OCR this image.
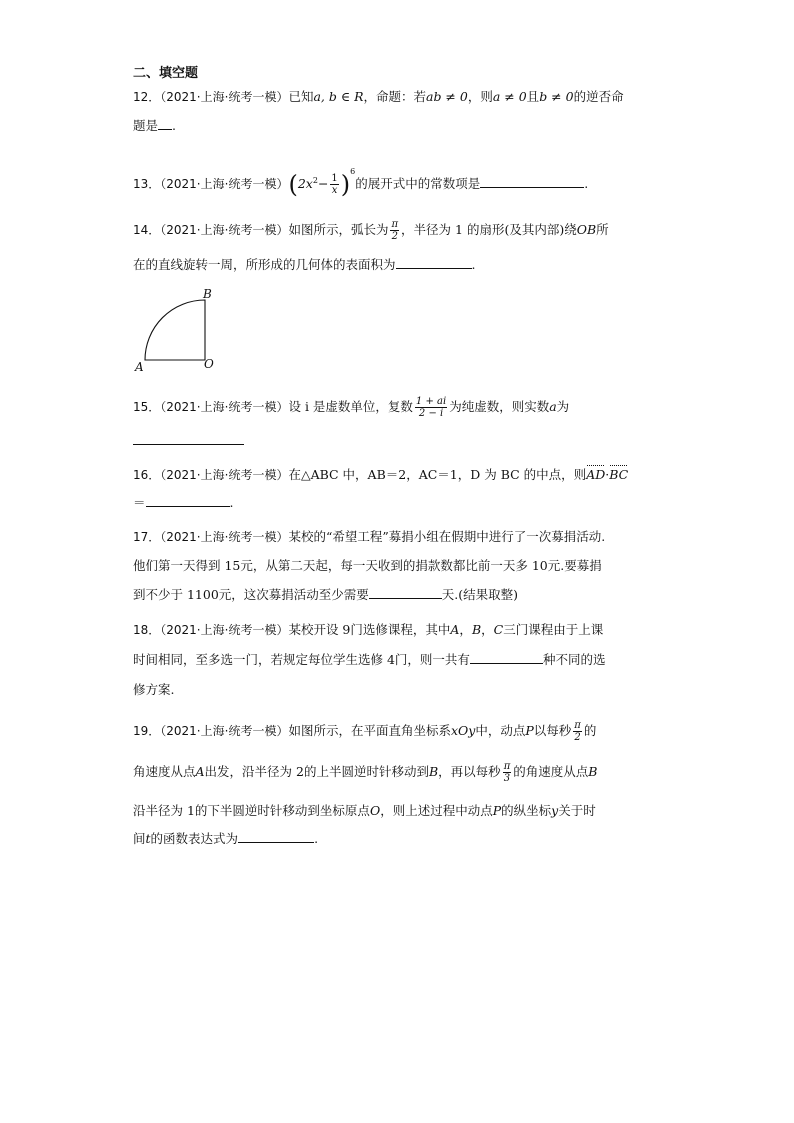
二、填空题
12．（2021·上海·统考一模）已知a, b ∈ R，命题：若ab ≠ 0，则a ≠ 0且b ≠ 0的逆否命
题是 .
13．（2021·上海·统考一模）$(2x^2- \frac{1}{x} )^6$的展开式中的常数项是	.
14．（2021·上海·统考一模）如图所示，弧长为 $\frac{\pi}{2}$ ，半径为 1 的扇形(及其内部)绕OB所
在的直线旋转一周，所形成的几何体的表面积为	.
B
A	O
15．（2021·上海·统考一模）设 i 是虚数单位，复数 $\frac{1 + ai}{2 - i}$ 为纯虚数，则实数a为
16．（2021·上海·统考一模）在△ABC 中，AB＝2，AC＝1，D 为 BC 的中点，则AD·BC
＝	.
17．（2021·上海·统考一模）某校的“希望工程”募捐小组在假期中进行了一次募捐活动.
他们第一天得到 15元，从第二天起，每一天收到的捐款数都比前一天多 10元.要募捐
到不少于 1100元，这次募捐活动至少需要	天.(结果取整)
18．（2021·上海·统考一模）某校开设 9门选修课程，其中A，B，C三门课程由于上课
时间相同，至多选一门，若规定每位学生选修 4门，则一共有	种不同的选
修方案.
19．（2021·上海·统考一模）如图所示，在平面直角坐标系xOy中，动点P以每秒 $\frac{\pi}{2}$ 的
角速度从点A出发，沿半径为 2的上半圆逆时针移动到B，再以每秒 $\frac{\pi}{3}$ 的角速度从点B
沿半径为 1的下半圆逆时针移动到坐标原点O，则上述过程中动点P的纵坐标y关于时
间t的函数表达式为	.
